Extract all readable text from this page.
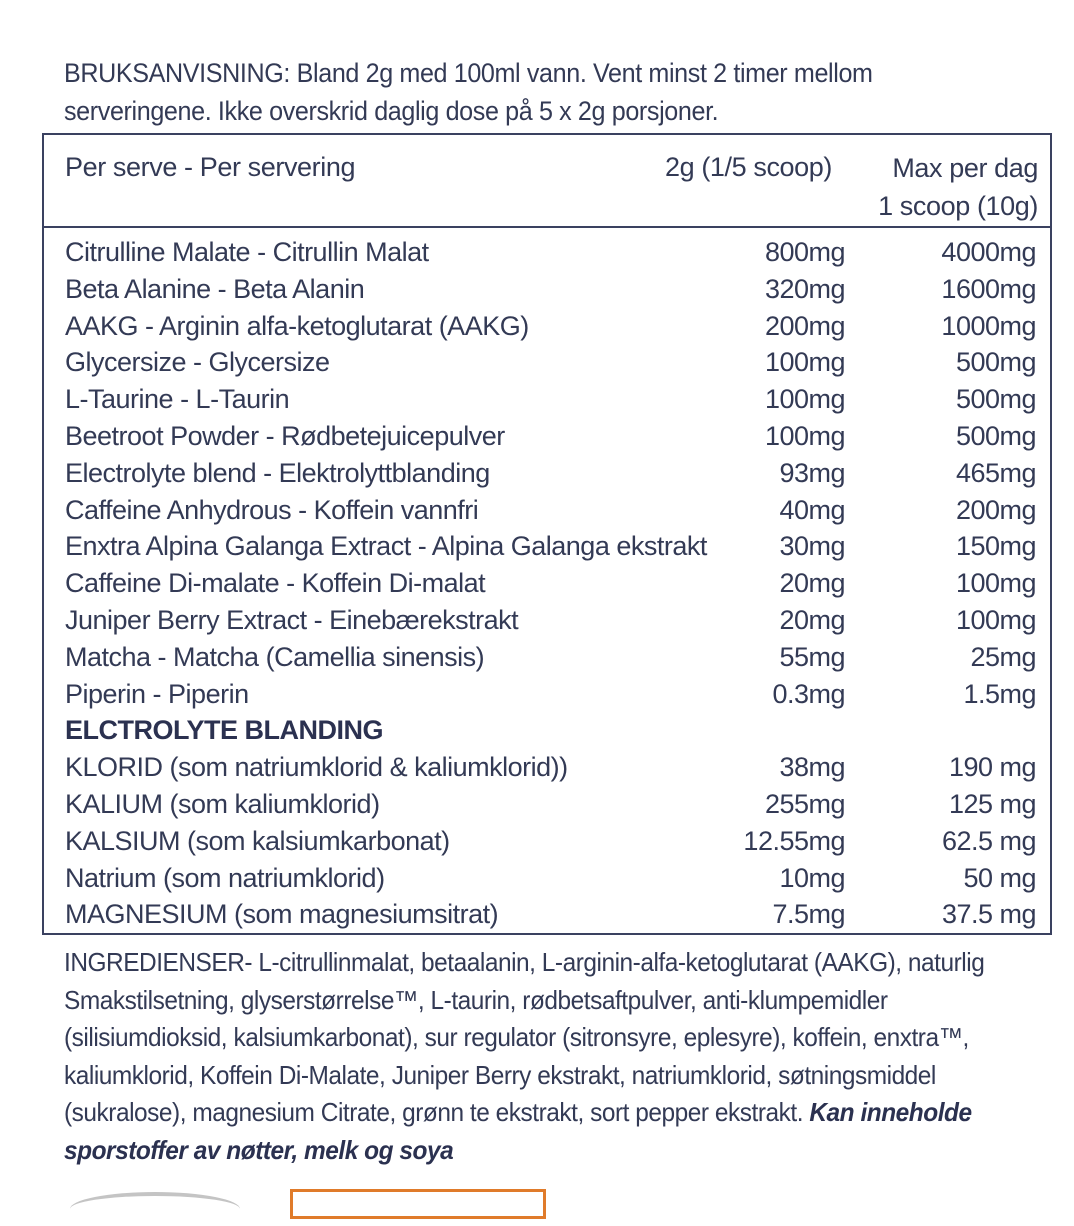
BRUKSANVISNING: Bland 2g med 100ml vann. Vent minst 2 timer mellom serveringene. Ikke overskrid daglig dose på 5 x 2g porsjoner.
Per serve - Per servering	2g (1/5 scoop)	Max per dag
1 scoop (10g)
Citrulline Malate - Citrullin Malat	800mg	4000mg
Beta Alanine - Beta Alanin	320mg	1600mg
AAKG - Arginin alfa-ketoglutarat (AAKG)	200mg	1000mg
Glycersize - Glycersize	100mg	500mg
L-Taurine - L-Taurin	100mg	500mg
Beetroot Powder - Rødbetejuicepulver	100mg	500mg
Electrolyte blend - Elektrolyttblanding	93mg	465mg
Caffeine Anhydrous - Koffein vannfri	40mg	200mg
Enxtra Alpina Galanga Extract - Alpina Galanga ekstrakt	30mg	150mg
Caffeine Di-malate - Koffein Di-malat	20mg	100mg
Juniper Berry Extract - Einebærekstrakt	20mg	100mg
Matcha - Matcha (Camellia sinensis)	55mg	25mg
Piperin - Piperin	0.3mg	1.5mg
ELCTROLYTE BLANDING
KLORID (som natriumklorid & kaliumklorid))	38mg	190 mg
KALIUM (som kaliumklorid)	255mg	125 mg
KALSIUM (som kalsiumkarbonat)	12.55mg	62.5 mg
Natrium (som natriumklorid)	10mg	50 mg
MAGNESIUM (som magnesiumsitrat)	7.5mg	37.5 mg
INGREDIENSER- L-citrullinmalat, betaalanin, L-arginin-alfa-ketoglutarat (AAKG), naturlig Smakstilsetning, glyserstørrelse™, L-taurin, rødbetsaftpulver, anti-klumpemidler (silisiumdioksid, kalsiumkarbonat), sur regulator (sitronsyre, eplesyre), koffein, enxtra™, kaliumklorid, Koffein Di-Malate, Juniper Berry ekstrakt, natriumklorid, søtningsmiddel (sukralose), magnesium Citrate, grønn te ekstrakt, sort pepper ekstrakt. Kan inneholde sporstoffer av nøtter, melk og soya
